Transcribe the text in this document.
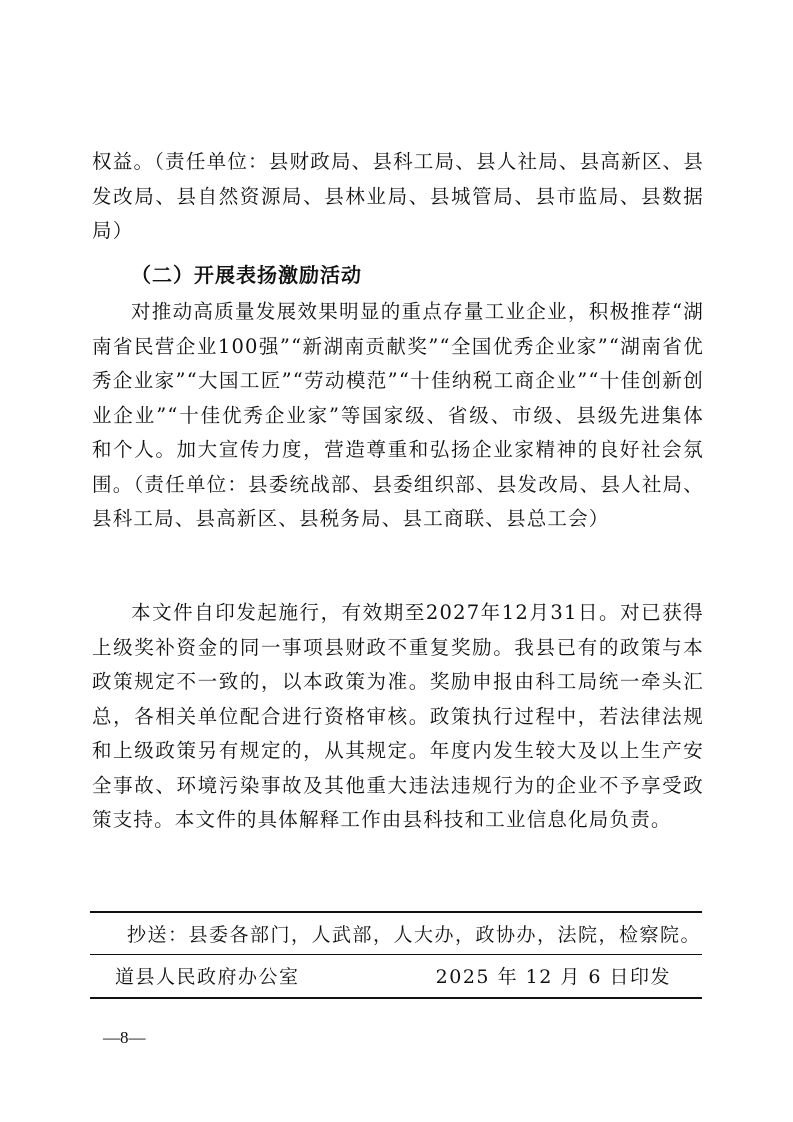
权益。（责任单位：县财政局、县科工局、县人社局、县高新区、县发改局、县自然资源局、县林业局、县城管局、县市监局、县数据局）

（二）开展表扬激励活动

对推动高质量发展效果明显的重点存量工业企业，积极推荐“湖南省民营企业100强”“新湖南贡献奖”“全国优秀企业家”“湖南省优秀企业家”“大国工匠”“劳动模范”“十佳纳税工商企业”“十佳创新创业企业”“十佳优秀企业家”等国家级、省级、市级、县级先进集体和个人。加大宣传力度，营造尊重和弘扬企业家精神的良好社会氛围。（责任单位：县委统战部、县委组织部、县发改局、县人社局、县科工局、县高新区、县税务局、县工商联、县总工会）

本文件自印发起施行，有效期至2027年12月31日。对已获得上级奖补资金的同一事项县财政不重复奖励。我县已有的政策与本政策规定不一致的，以本政策为准。奖励申报由科工局统一牵头汇总，各相关单位配合进行资格审核。政策执行过程中，若法律法规和上级政策另有规定的，从其规定。年度内发生较大及以上生产安全事故、环境污染事故及其他重大违法违规行为的企业不予享受政策支持。本文件的具体解释工作由县科技和工业信息化局负责。

抄送：县委各部门，人武部，人大办，政协办，法院，检察院。
道县人民政府办公室	2025 年 12 月 6 日印发
—8—
